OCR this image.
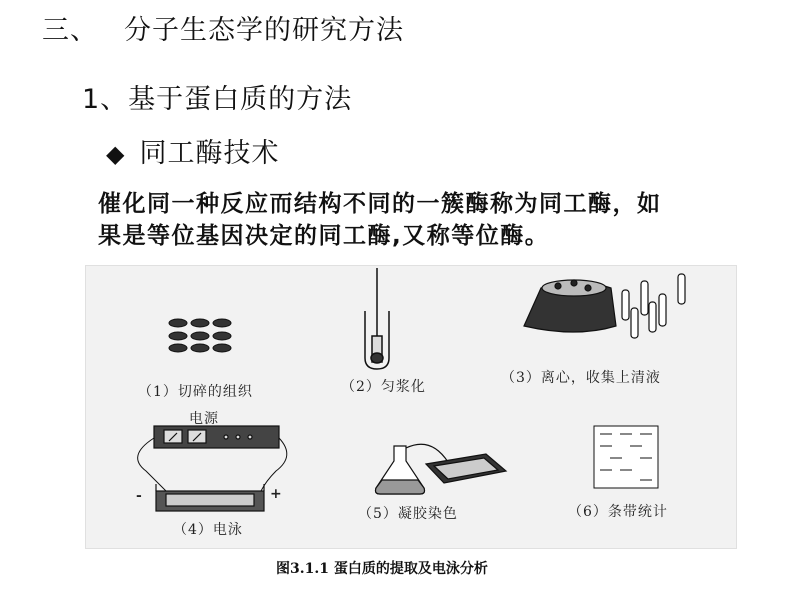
三、 分子生态学的研究方法
1、基于蛋白质的方法
◆ 同工酶技术
催化同一种反应而结构不同的一簇酶称为同工酶，如
果是等位基因决定的同工酶,又称等位酶。
（1）切碎的组织	（2）匀浆化
（3）离心，收集上清液
电源
-	+
（4）电泳
（5）凝胶染色	（6）条带统计
图3.1.1 蛋白质的提取及电泳分析
